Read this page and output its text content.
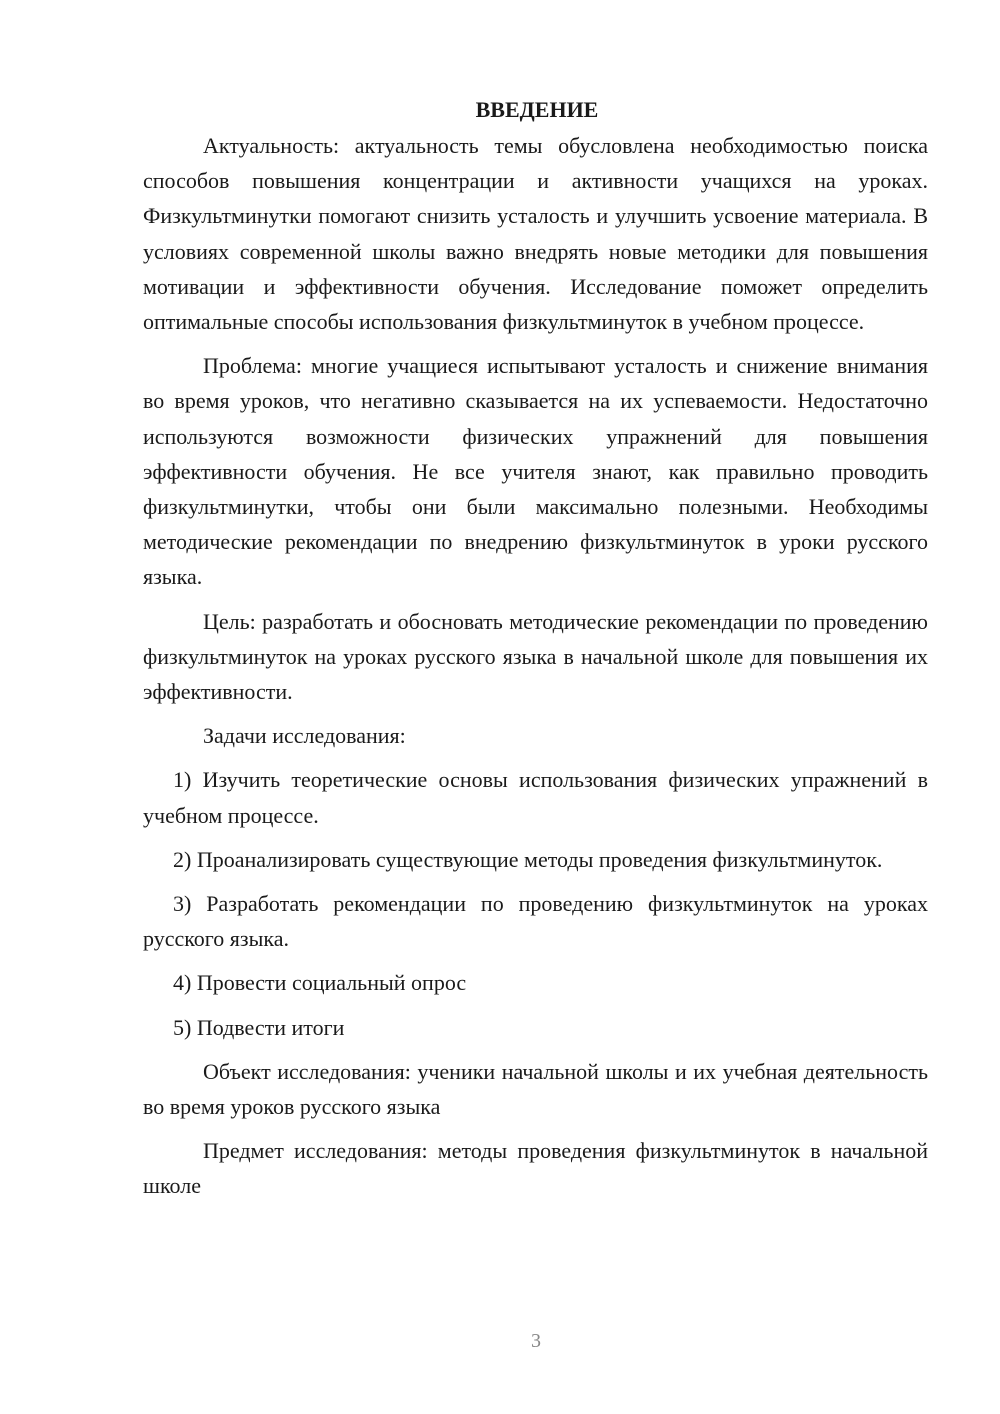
ВВЕДЕНИЕ

Актуальность: актуальность темы обусловлена необходимостью поиска способов повышения концентрации и активности учащихся на уроках. Физкультминутки помогают снизить усталость и улучшить усвоение материала. В условиях современной школы важно внедрять новые методики для повышения мотивации и эффективности обучения. Исследование поможет определить оптимальные способы использования физкультминуток в учебном процессе.

Проблема: многие учащиеся испытывают усталость и снижение внимания во время уроков, что негативно сказывается на их успеваемости. Недостаточно используются возможности физических упражнений для повышения эффективности обучения. Не все учителя знают, как правильно проводить физкультминутки, чтобы они были максимально полезными. Необходимы методические рекомендации по внедрению физкультминуток в уроки русского языка.

Цель: разработать и обосновать методические рекомендации по проведению физкультминуток на уроках русского языка в начальной школе для повышения их эффективности.

Задачи исследования:

1) Изучить теоретические основы использования физических упражнений в учебном процессе.

2) Проанализировать существующие методы проведения физкультминуток.

3) Разработать рекомендации по проведению физкультминуток на уроках русского языка.

4) Провести социальный опрос

5) Подвести итоги

Объект исследования: ученики начальной школы и их учебная деятельность во время уроков русского языка

Предмет исследования: методы проведения физкультминуток в начальной школе

3
